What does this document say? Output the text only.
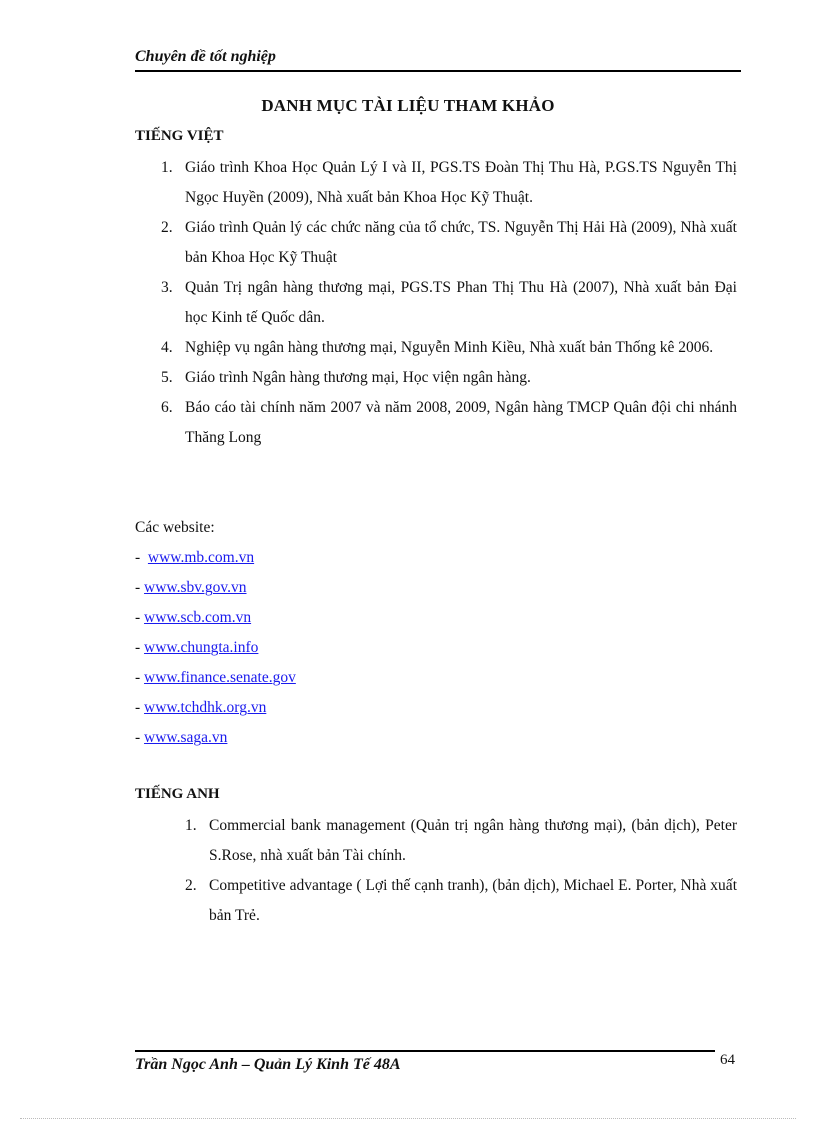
Chuyên đề tốt nghiệp
DANH MỤC TÀI LIỆU THAM KHẢO
TIẾNG VIỆT
1. Giáo trình Khoa Học Quản Lý I và II, PGS.TS Đoàn Thị Thu Hà, P.GS.TS Nguyễn Thị Ngọc Huyền (2009), Nhà xuất bản Khoa Học Kỹ Thuật.
2. Giáo trình Quản lý các chức năng của tổ chức, TS. Nguyễn Thị Hải Hà (2009), Nhà xuất bản Khoa Học Kỹ Thuật
3. Quản Trị ngân hàng thương mại, PGS.TS Phan Thị Thu Hà (2007), Nhà xuất bản Đại học Kinh tế Quốc dân.
4. Nghiệp vụ ngân hàng thương mại, Nguyễn Minh Kiều, Nhà xuất bản Thống kê 2006.
5. Giáo trình Ngân hàng thương mại, Học viện ngân hàng.
6. Báo cáo tài chính năm 2007 và năm 2008, 2009, Ngân hàng TMCP Quân đội chi nhánh Thăng Long
Các website:
-  www.mb.com.vn
- www.sbv.gov.vn
- www.scb.com.vn
- www.chungta.info
- www.finance.senate.gov
- www.tchdhk.org.vn
- www.saga.vn
TIẾNG ANH
1. Commercial bank management (Quản trị ngân hàng thương mại), (bản dịch), Peter S.Rose, nhà xuất bản Tài chính.
2. Competitive advantage ( Lợi thế cạnh tranh), (bản dịch), Michael E. Porter, Nhà xuất bản Trẻ.
Trần Ngọc Anh – Quản Lý Kinh Tế 48A	64
